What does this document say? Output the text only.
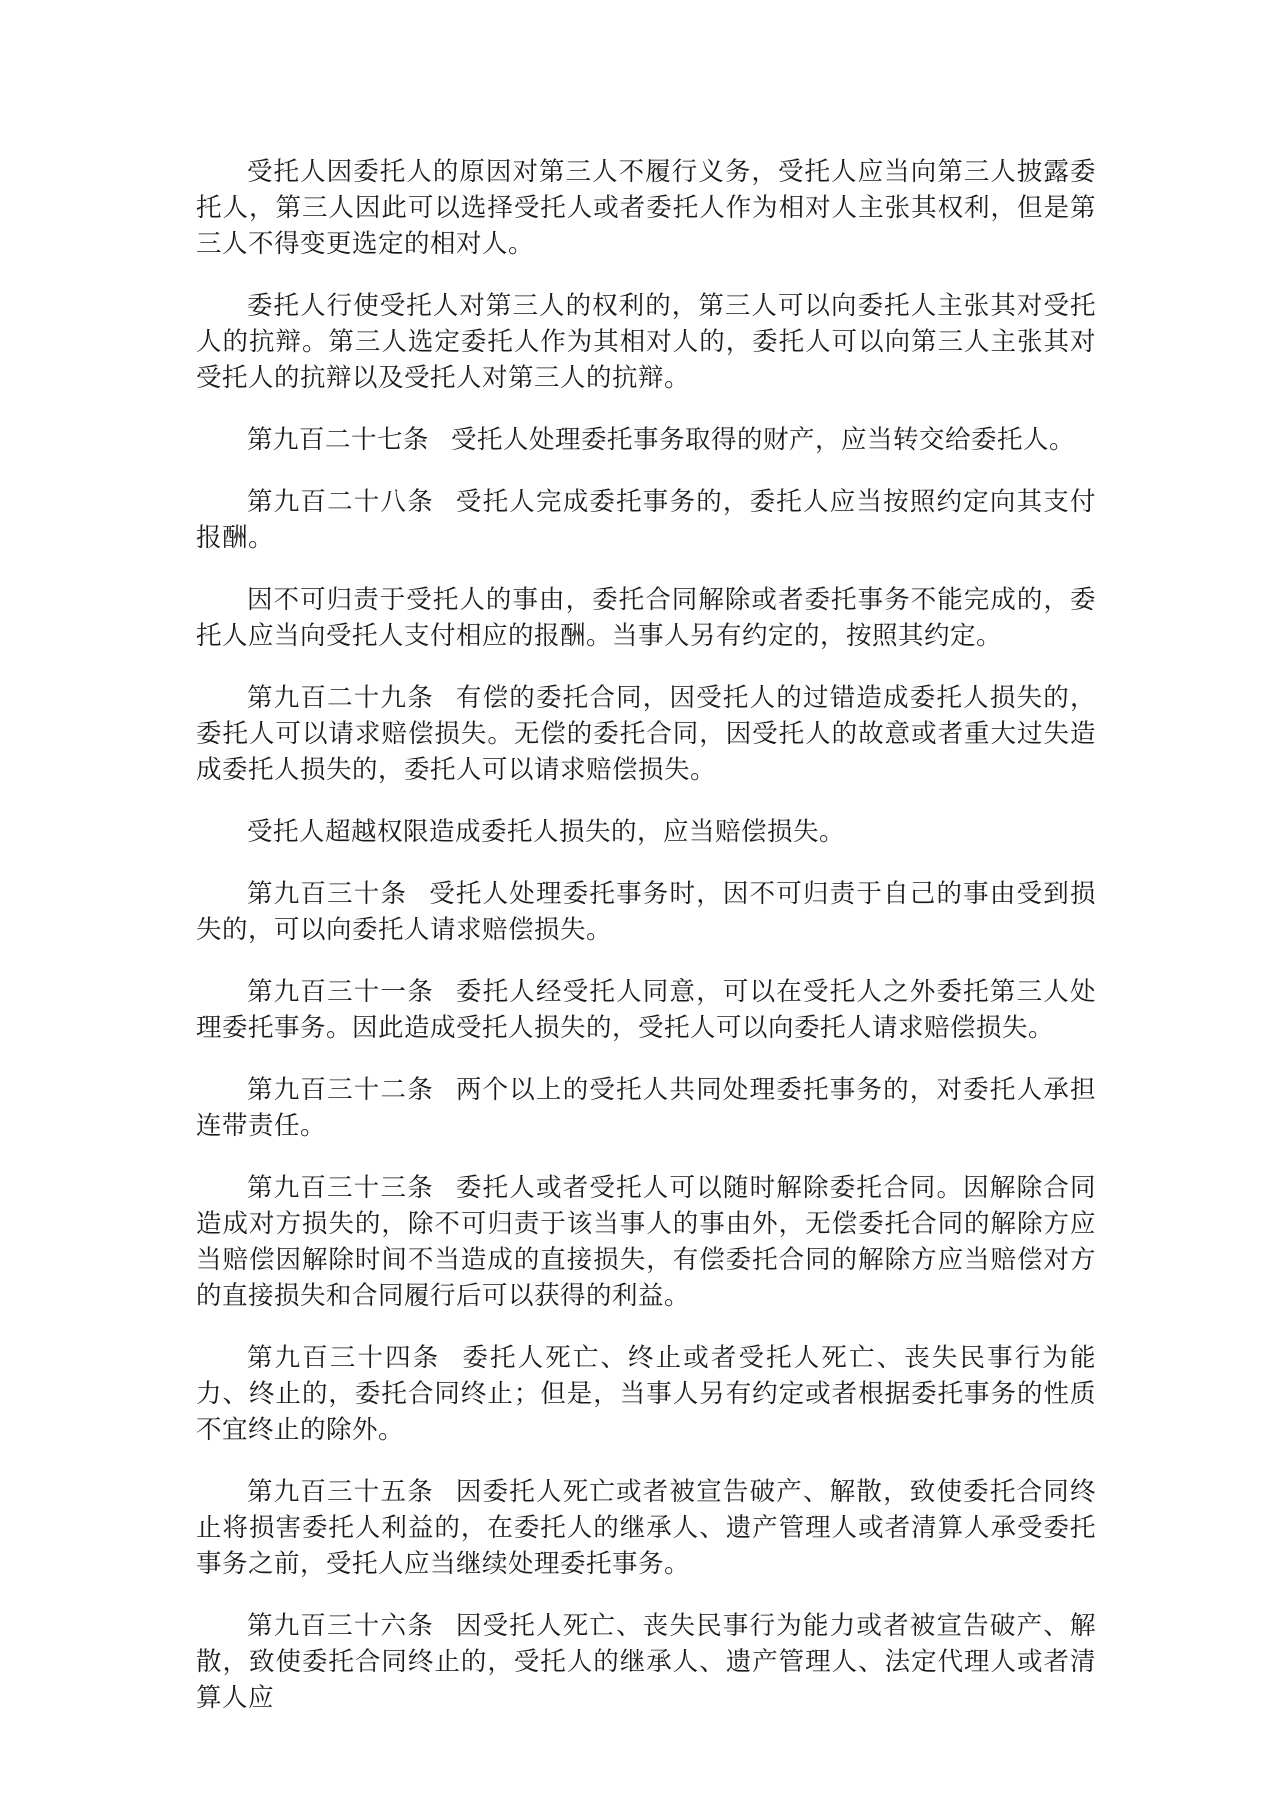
受托人因委托人的原因对第三人不履行义务，受托人应当向第三人披露委托人，第三人因此可以选择受托人或者委托人作为相对人主张其权利，但是第三人不得变更选定的相对人。

委托人行使受托人对第三人的权利的，第三人可以向委托人主张其对受托人的抗辩。第三人选定委托人作为其相对人的，委托人可以向第三人主张其对受托人的抗辩以及受托人对第三人的抗辩。

第九百二十七条 受托人处理委托事务取得的财产，应当转交给委托人。

第九百二十八条 受托人完成委托事务的，委托人应当按照约定向其支付报酬。

因不可归责于受托人的事由，委托合同解除或者委托事务不能完成的，委托人应当向受托人支付相应的报酬。当事人另有约定的，按照其约定。

第九百二十九条 有偿的委托合同，因受托人的过错造成委托人损失的，委托人可以请求赔偿损失。无偿的委托合同，因受托人的故意或者重大过失造成委托人损失的，委托人可以请求赔偿损失。

受托人超越权限造成委托人损失的，应当赔偿损失。

第九百三十条 受托人处理委托事务时，因不可归责于自己的事由受到损失的，可以向委托人请求赔偿损失。

第九百三十一条 委托人经受托人同意，可以在受托人之外委托第三人处理委托事务。因此造成受托人损失的，受托人可以向委托人请求赔偿损失。

第九百三十二条 两个以上的受托人共同处理委托事务的，对委托人承担连带责任。

第九百三十三条 委托人或者受托人可以随时解除委托合同。因解除合同造成对方损失的，除不可归责于该当事人的事由外，无偿委托合同的解除方应当赔偿因解除时间不当造成的直接损失，有偿委托合同的解除方应当赔偿对方的直接损失和合同履行后可以获得的利益。

第九百三十四条 委托人死亡、终止或者受托人死亡、丧失民事行为能力、终止的，委托合同终止；但是，当事人另有约定或者根据委托事务的性质不宜终止的除外。

第九百三十五条 因委托人死亡或者被宣告破产、解散，致使委托合同终止将损害委托人利益的，在委托人的继承人、遗产管理人或者清算人承受委托事务之前，受托人应当继续处理委托事务。

第九百三十六条 因受托人死亡、丧失民事行为能力或者被宣告破产、解散，致使委托合同终止的，受托人的继承人、遗产管理人、法定代理人或者清算人应
